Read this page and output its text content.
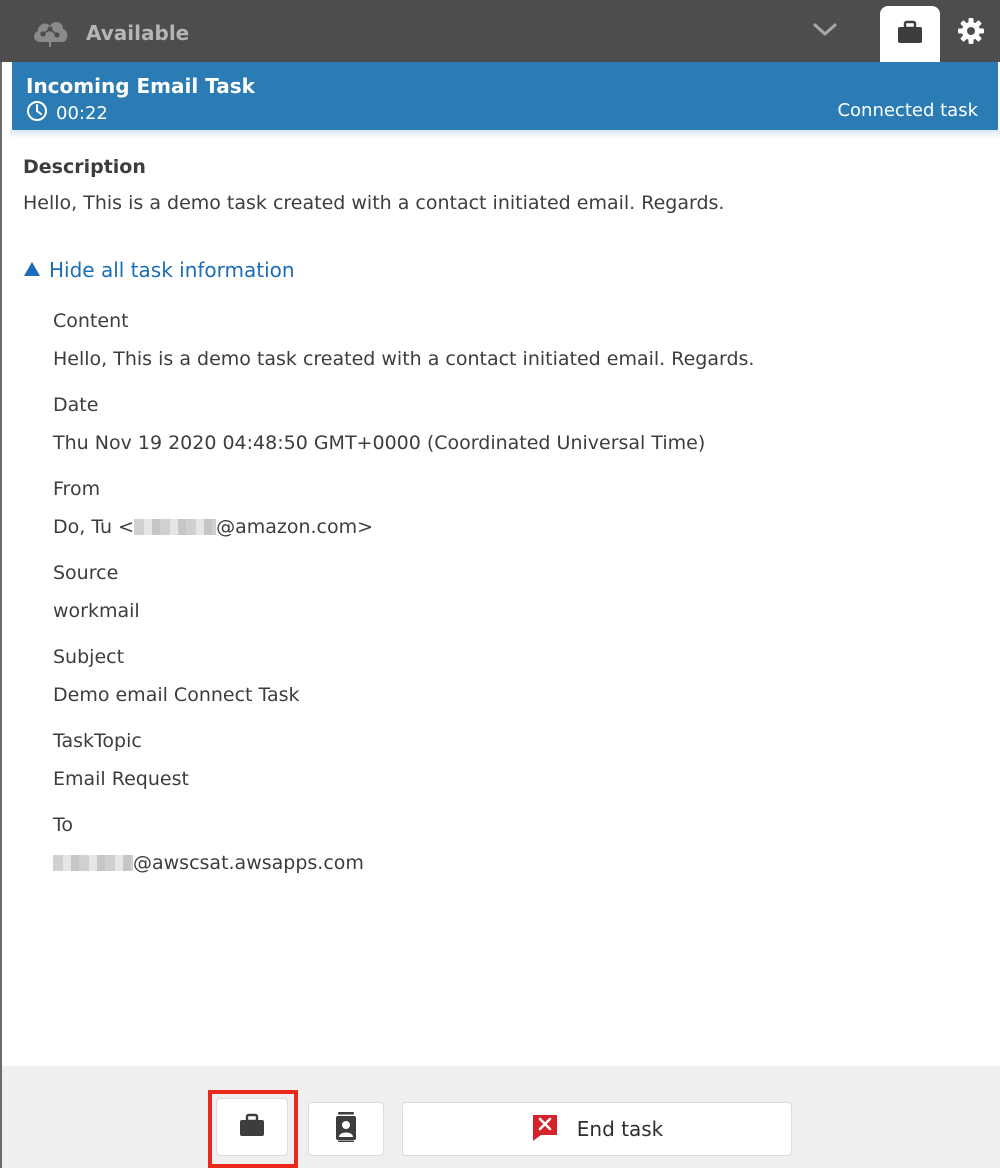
Available
Incoming Email Task
00:22	Connected task
Description
Hello, This is a demo task created with a contact initiated email. Regards.
Hide all task information
Content
Hello, This is a demo task created with a contact initiated email. Regards.
Date
Thu Nov 19 2020 04:48:50 GMT+0000 (Coordinated Universal Time)
From
Do, Tu <	@amazon.com>
Source
workmail
Subject
Demo email Connect Task
TaskTopic
Email Request
To
@awscsat.awsapps.com
End task
